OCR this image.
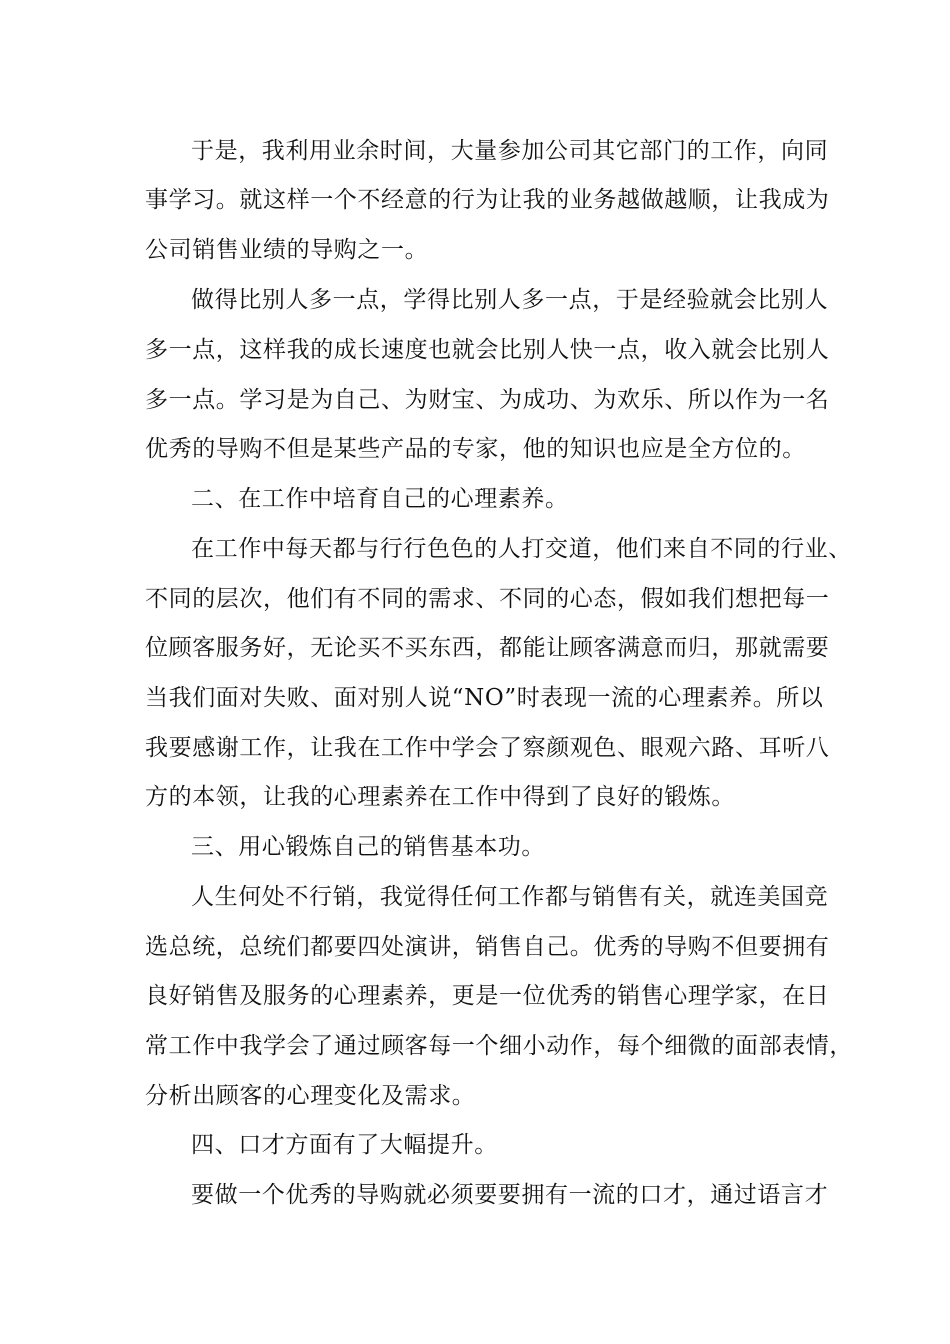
于是，我利用业余时间，大量参加公司其它部门的工作，向同
事学习。就这样一个不经意的行为让我的业务越做越顺，让我成为
公司销售业绩的导购之一。
做得比别人多一点，学得比别人多一点，于是经验就会比别人
多一点，这样我的成长速度也就会比别人快一点，收入就会比别人
多一点。学习是为自己、为财宝、为成功、为欢乐、所以作为一名
优秀的导购不但是某些产品的专家，他的知识也应是全方位的。
二、在工作中培育自己的心理素养。
在工作中每天都与行行色色的人打交道，他们来自不同的行业、
不同的层次，他们有不同的需求、不同的心态，假如我们想把每一
位顾客服务好，无论买不买东西，都能让顾客满意而归，那就需要
当我们面对失败、面对别人说“NO”时表现一流的心理素养。所以
我要感谢工作，让我在工作中学会了察颜观色、眼观六路、耳听八
方的本领，让我的心理素养在工作中得到了良好的锻炼。
三、用心锻炼自己的销售基本功。
人生何处不行销，我觉得任何工作都与销售有关，就连美国竞
选总统，总统们都要四处演讲，销售自己。优秀的导购不但要拥有
良好销售及服务的心理素养，更是一位优秀的销售心理学家，在日
常工作中我学会了通过顾客每一个细小动作，每个细微的面部表情，
分析出顾客的心理变化及需求。
四、口才方面有了大幅提升。
要做一个优秀的导购就必须要要拥有一流的口才，通过语言才
